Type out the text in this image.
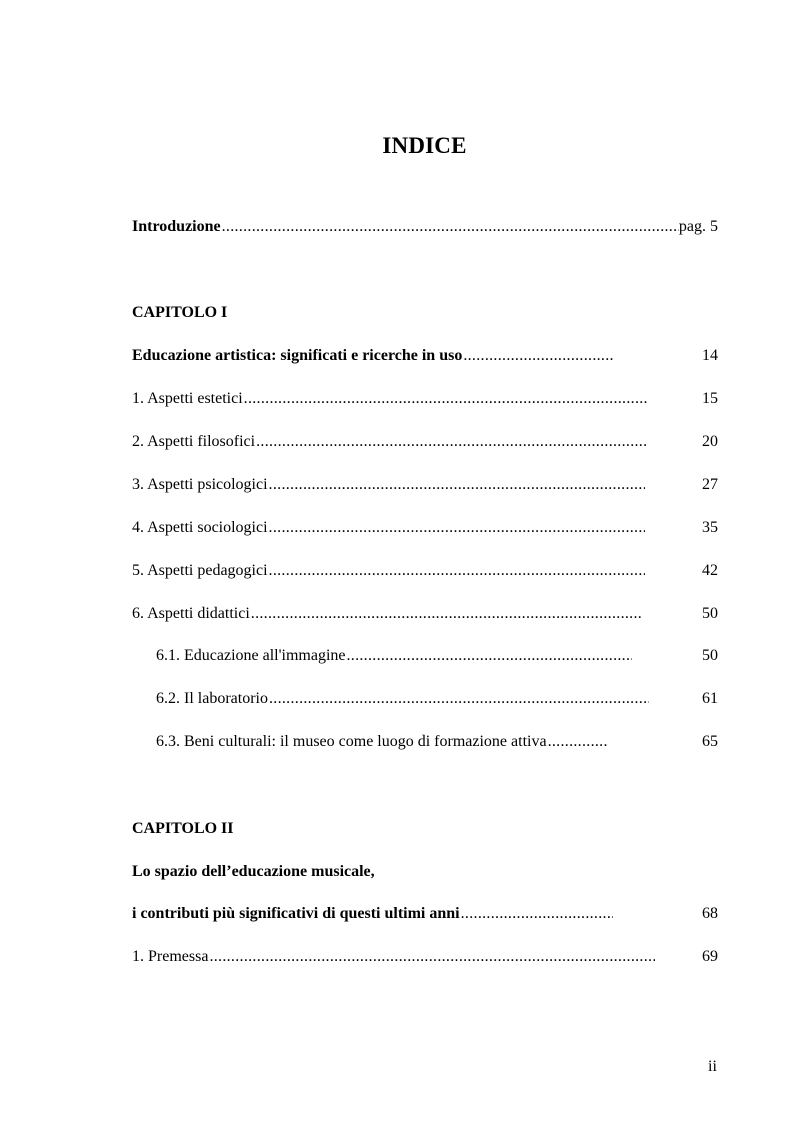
INDICE
Introduzione .....	pag. 5
CAPITOLO I
Educazione artistica: significati e ricerche in uso .....	14
1. Aspetti estetici .....	15
2. Aspetti filosofici .....	20
3. Aspetti psicologici .....	27
4. Aspetti sociologici .....	35
5. Aspetti pedagogici .....	42
6. Aspetti didattici .....	50
6.1. Educazione all'immagine .....	50
6.2. Il laboratorio .....	61
6.3. Beni culturali: il museo come luogo di formazione attiva .....	65
CAPITOLO II
Lo spazio dell’educazione musicale,
i contributi più significativi di questi ultimi anni .....	68
1. Premessa .....	69
ii
